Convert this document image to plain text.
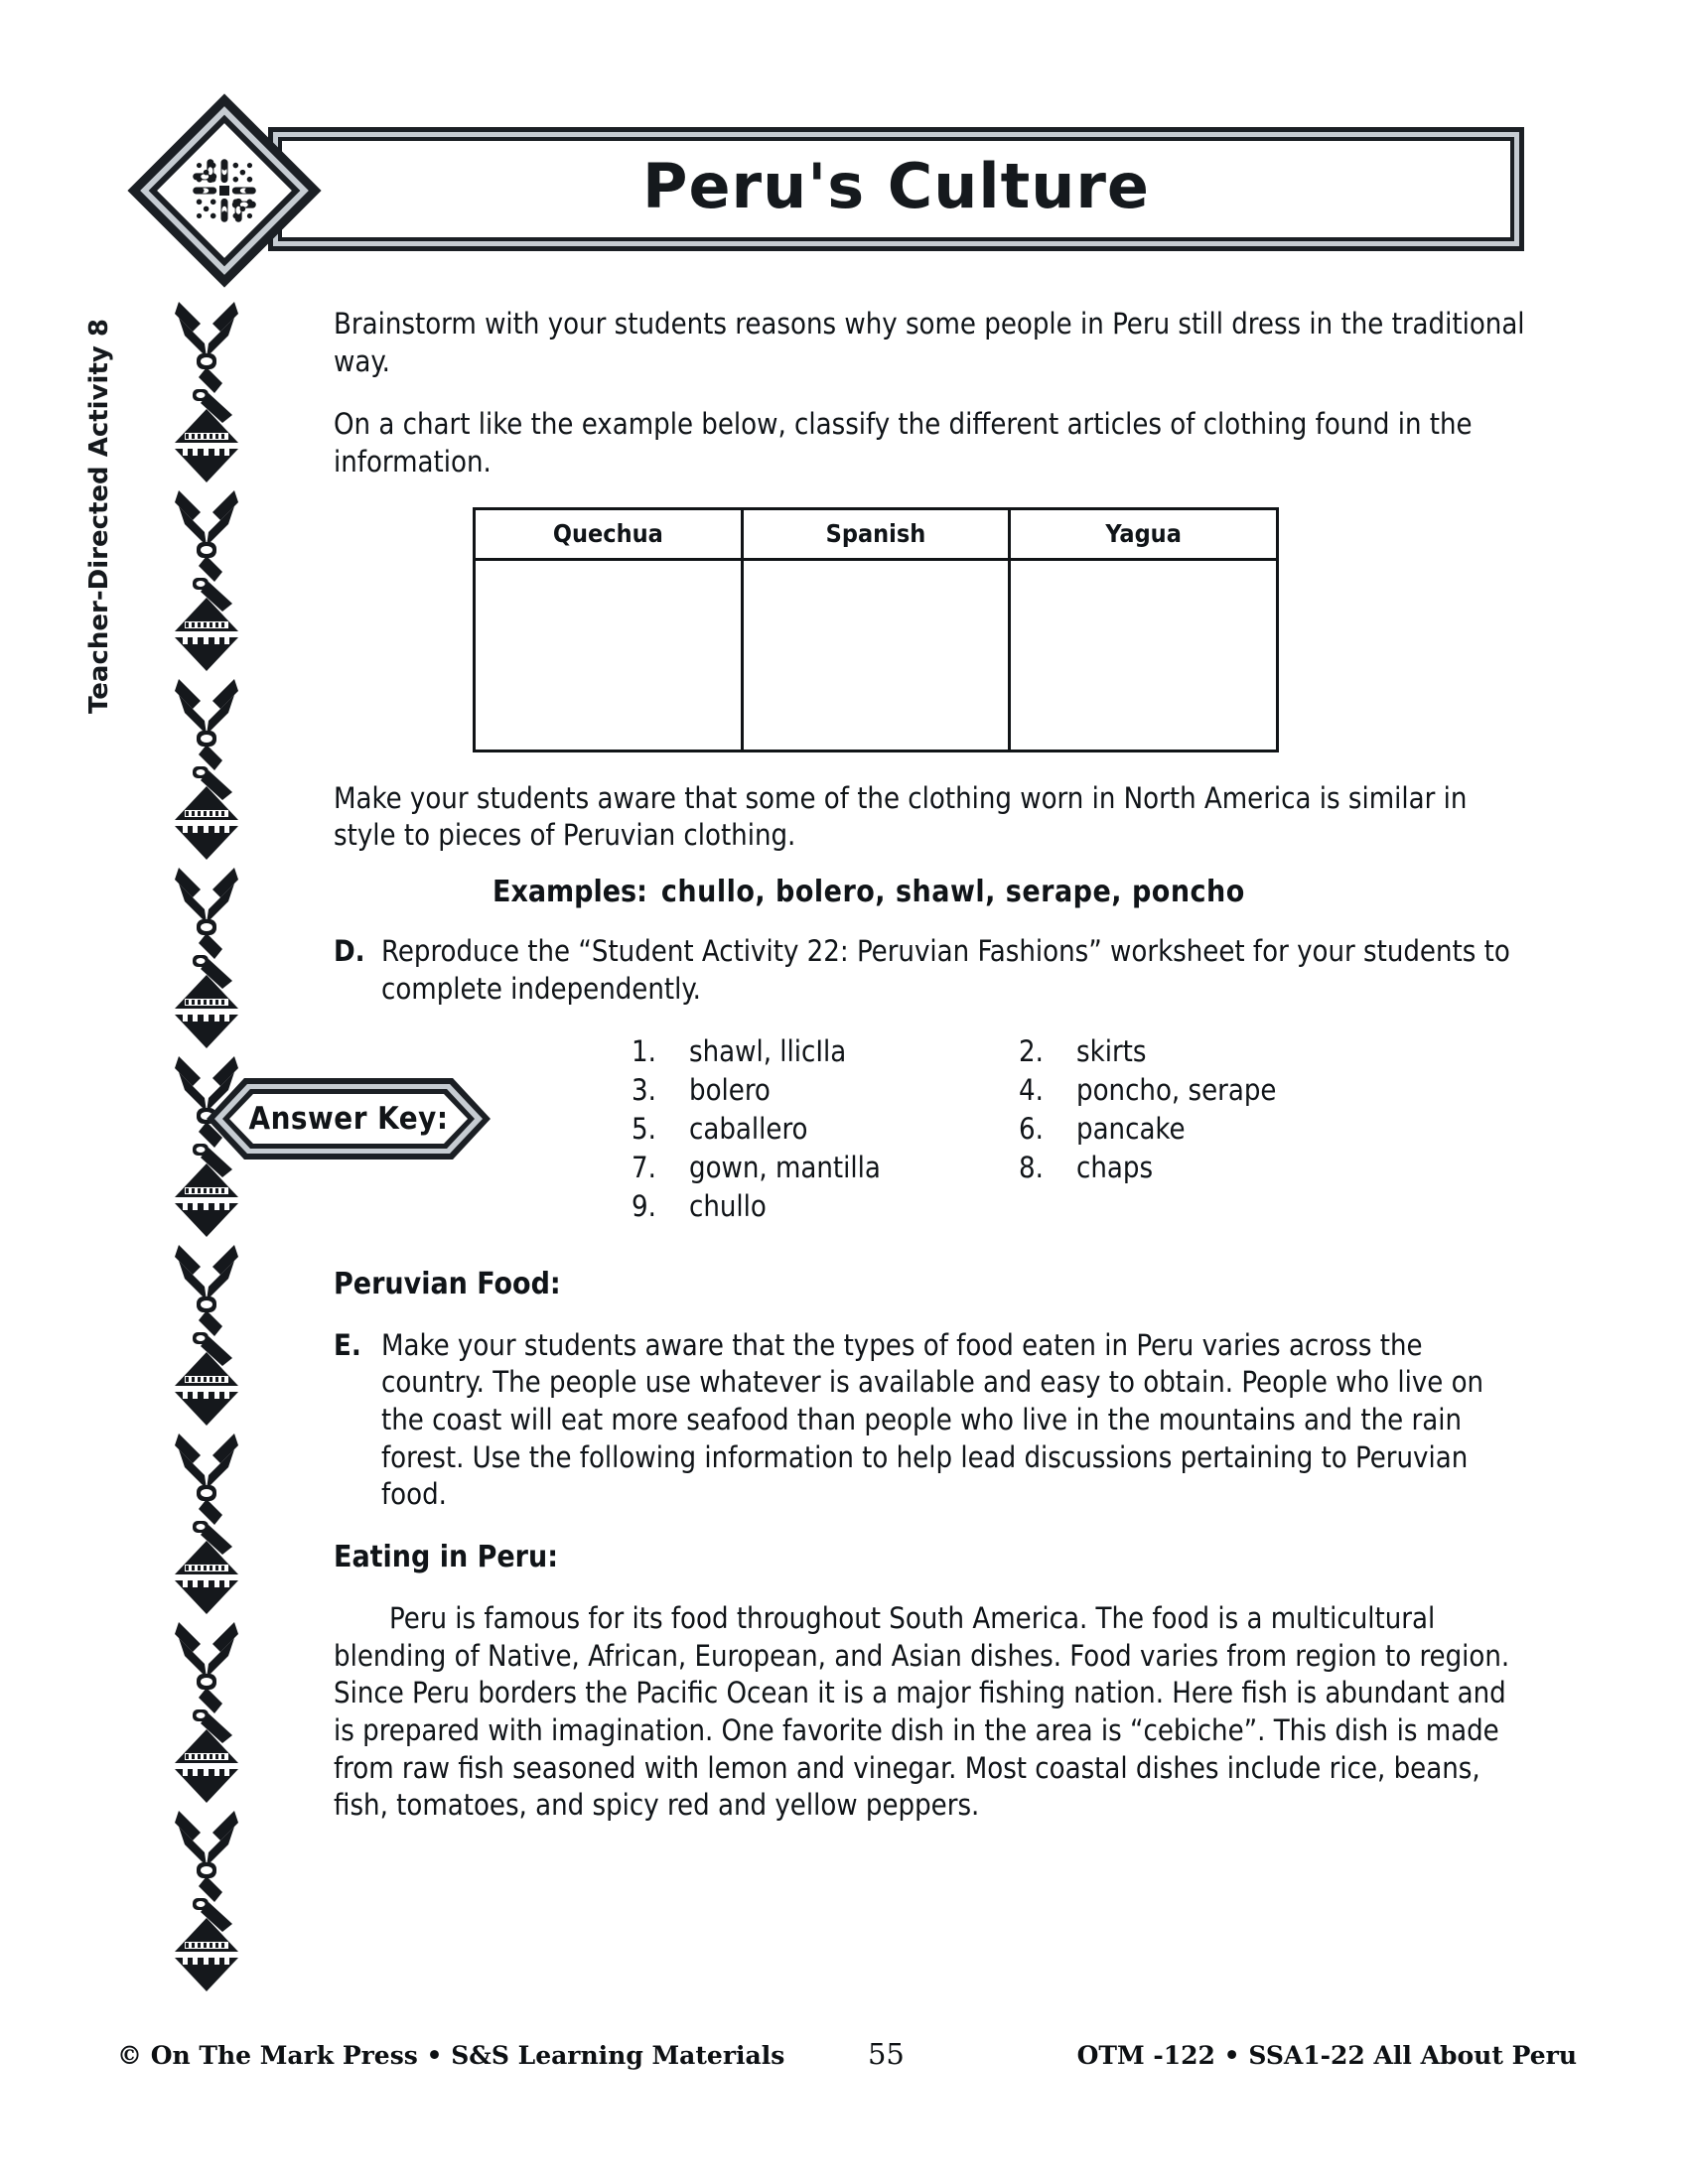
Peru's Culture
Teacher-Directed Activity 8	Brainstorm with your students reasons why some people in Peru still dress in the traditional way.

On a chart like the example below, classify the different articles of clothing found in the information.

Quechua	Spanish	Yagua

Make your students aware that some of the clothing worn in North America is similar in style to pieces of Peruvian clothing.

Examples: chullo, bolero, shawl, serape, poncho

D. Reproduce the “Student Activity 22: Peruvian Fashions” worksheet for your students to complete independently.
Answer Key:
1.	shawl, llicIla
3.	bolero
5.	caballero
7.	gown, mantilla
9.	chullo
2.	skirts
4.	poncho, serape
6.	pancake
8.	chaps

Peruvian Food:

E. Make your students aware that the types of food eaten in Peru varies across the country. The people use whatever is available and easy to obtain. People who live on the coast will eat more seafood than people who live in the mountains and the rain forest. Use the following information to help lead discussions pertaining to Peruvian food.

Eating in Peru:

Peru is famous for its food throughout South America. The food is a multicultural blending of Native, African, European, and Asian dishes. Food varies from region to region. Since Peru borders the Pacific Ocean it is a major fishing nation. Here fish is abundant and is prepared with imagination. One favorite dish in the area is “cebiche”. This dish is made from raw fish seasoned with lemon and vinegar. Most coastal dishes include rice, beans, fish, tomatoes, and spicy red and yellow peppers.

© On The Mark Press • S&S Learning Materials	55	OTM -122 • SSA1-22 All About Peru
